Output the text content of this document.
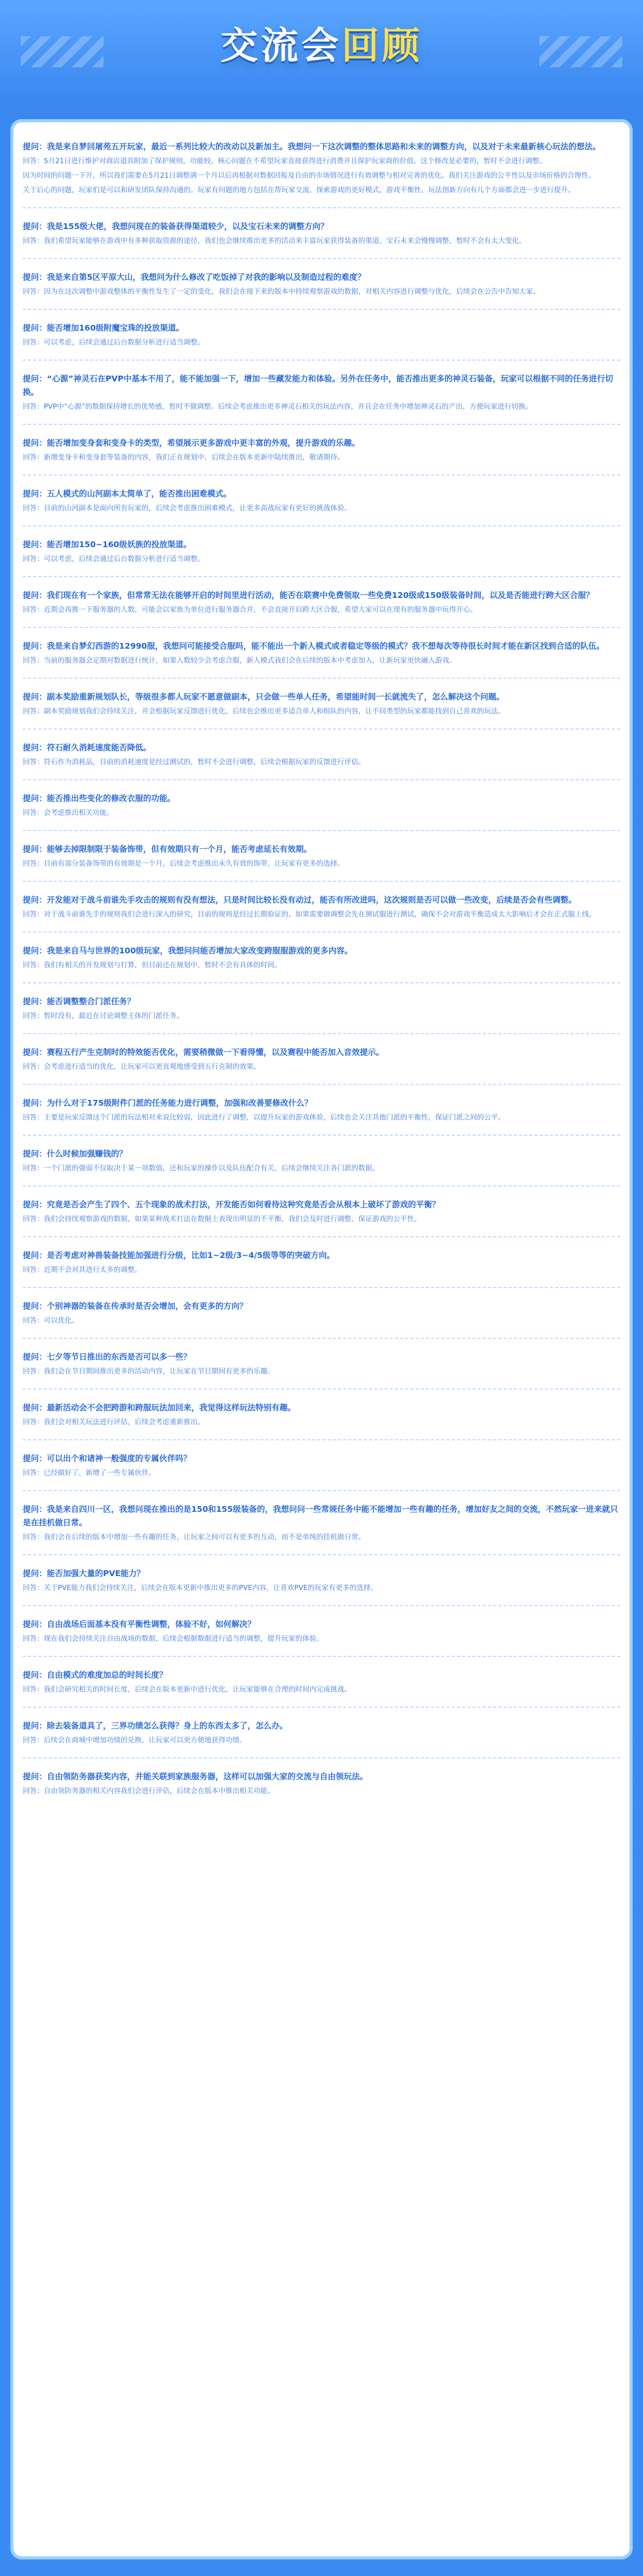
交流会回顾

提问：我是来自梦回屠苑五开玩家，最近一系列比较大的改动以及新加主。我想问一下这次调整的整体思路和未来的调整方向，以及对于未来最新核心玩法的想法。

回答：5月21日进行维护对商店道具附加了保护规则，功能较、核心问题在不希望玩家直接获得进行消费并且保护玩家商的价值。这个修改是必要的，暂时不会进行调整。

因为时间的问题一下开，所以我们需要在5月21日调整满一个月以后再根据对数据回报及自由的市场情况进行有效调整与相对完善的优化。我们关注游戏的公平性以及市场价格的合理性。

关于后心的问题，玩家们是可以和研发团队保持沟通的。玩家有问题的地方包括在帮玩家交流、探索游戏的更好模式，游戏平衡性、玩法创新方向有几个方面都会进一步进行提升。

提问：我是155级大佬，我想问现在的装备获得渠道较少，以及宝石未来的调整方向？

回答：我们希望玩家能够在游戏中有多种获取资源的途径，我们也会继续推出更多的活动来丰富玩家获得装备的渠道，宝石未来会慢慢调整，暂时不会有太大变化。

提问：我是来自第5区平原大山，我想问为什么修改了吃饭掉了对我的影响以及制造过程的难度？

回答：因为在这次调整中游戏整体的平衡性发生了一定的变化，我们会在接下来的版本中持续观察游戏的数据，对相关内容进行调整与优化，后续会在公告中告知大家。

提问：能否增加160级附魔宝珠的投放渠道。

回答：可以考虑，后续会通过后台数据分析进行适当调整。

提问：“心源”神灵石在PVP中基本不用了，能不能加强一下，增加一些藏发能力和体验。另外在任务中，能否推出更多的神灵石装备，玩家可以根据不同的任务进行切换。

回答：PVP中“心源”的数据保持增长的优势感，暂时不做调整。后续会考虑推出更多神灵石相关的玩法内容，并且会在任务中增加神灵石的产出，方便玩家进行切换。

提问：能否增加变身套和变身卡的类型，希望展示更多游戏中更丰富的外观，提升游戏的乐趣。

回答：新增变身卡和变身套等装备的内容，我们正在规划中，后续会在版本更新中陆续推出，敬请期待。

提问：五人模式的山河副本太简单了，能否推出困难模式。

回答：目前的山河副本是面向所有玩家的，后续会考虑推出困难模式，让更多高战玩家有更好的挑战体验。

提问：能否增加150~160级妖族的投放渠道。

回答：可以考虑，后续会通过后台数据分析进行适当调整。

提问：我们现在有一个家族，但常常无法在能够开启的时间里进行活动，能否在联赛中免费领取一些免费120级或150级装备时间，以及是否能进行跨大区合服？

回答：近期会再推一下服务器的人数，可能会以家族为单位进行服务器合并，不会直接开启跨大区合服，希望大家可以在现有的服务器中玩得开心。

提问：我是来自梦幻西游的12990服，我想问可能接受合服吗，能不能出一个新人模式或者稳定等级的模式？我不想每次等待很长时间才能在新区找到合适的队伍。

回答：当前的服务器会定期对数据进行统计，如果人数较少会考虑合服，新人模式我们会在后续的版本中考虑加入，让新玩家更快融入游戏。

提问：副本奖励重新规划队长，等级很多都人玩家不愿意做副本，只会做一些单人任务，希望能时间一长就流失了，怎么解决这个问题。

回答：副本奖励规划我们会持续关注，并会根据玩家反馈进行优化，后续也会推出更多适合单人和组队的内容，让不同类型的玩家都能找到自己喜欢的玩法。

提问：符石耐久消耗速度能否降低。

回答：符石作为消耗品，目前的消耗速度是经过测试的，暂时不会进行调整，后续会根据玩家的反馈进行评估。

提问：能否推出些变化的修改衣服的功能。

回答：会考虑推出相关功能。

提问：能够去掉限制限于装备饰带，但有效期只有一个月，能否考虑延长有效期。

回答：目前有部分装备饰带的有效期是一个月，后续会考虑推出永久有效的饰带，让玩家有更多的选择。

提问：开发能对于战斗前谁先手攻击的规则有没有想法，只是时间比较长没有动过，能否有所改进吗，这次规则是否可以做一些改变，后续是否会有些调整。

回答：对于战斗前谁先手的规则我们会进行深入的研究，目前的规则是经过长期验证的，如果需要做调整会先在测试服进行测试，确保不会对游戏平衡造成太大影响后才会在正式服上线。

提问：我是来自马与世界的100级玩家，我想问问能否增加大家改变跨服服游戏的更多内容。

回答：我们有相关的开发规划与打算，但目前还在规划中，暂时不会有具体的时间。

提问：能否调整整合门派任务？

回答：暂时没有，最近在讨论调整主体的门派任务。

提问：赛程五行产生克制时的特效能否优化，需要稍微做一下看得懂，以及赛程中能否加入音效提示。

回答：会考虑进行适当的优化，让玩家可以更直观地感受到五行克制的效果。

提问：为什么对于175级附件门派的任务能力进行调整，加强和改善要修改什么？

回答：主要是玩家反馈这个门派的玩法相对来说比较弱，因此进行了调整，以提升玩家的游戏体验，后续也会关注其他门派的平衡性，保证门派之间的公平。

提问：什么时候加强赚钱的？

回答：一个门派的强弱不仅取决于某一项数值，还和玩家的操作以及队伍配合有关，后续会继续关注各门派的数据。

提问：究竟是否会产生了四个、五个现象的战术打法，开发能否如何看待这种究竟是否会从根本上破坏了游戏的平衡？

回答：我们会持续观察游戏的数据，如果某种战术打法在数据上表现出明显的不平衡，我们会及时进行调整，保证游戏的公平性。

提问：是否考虑对神兽装备技能加强进行分级，比如1~2级/3~4/5级等等的突破方向。

回答：近期不会对其进行太多的调整。

提问：个别神器的装备在传承时是否会增加，会有更多的方向？

回答：可以优化。

提问：七夕等节日推出的东西是否可以多一些？

回答：我们会在节日期间推出更多的活动内容，让玩家在节日期间有更多的乐趣。

提问：最新活动会不会把跨游和跨服玩法加回来，我觉得这样玩法特别有趣。

回答：我们会对相关玩法进行评估，后续会考虑重新推出。

提问：可以出个和诸神一般强度的专属伙伴吗？

回答：已经做好了，新增了一些专属伙伴。

提问：我是来自四川一区，我想问现在推出的是150和155级装备的，我想问问一些常规任务中能不能增加一些有趣的任务，增加好友之间的交流，不然玩家一进来就只是在挂机做日常。

回答：我们会在后续的版本中增加一些有趣的任务，让玩家之间可以有更多的互动，而不是单纯的挂机做日常。

提问：能否加强大量的PVE能力？

回答：关于PVE能力我们会持续关注，后续会在版本更新中推出更多的PVE内容，让喜欢PVE的玩家有更多的选择。

提问：自由战场后面基本没有平衡性调整，体验不好，如何解决？

回答：现在我们会持续关注自由战场的数据，后续会根据数据进行适当的调整，提升玩家的体验。

提问：自由模式的难度加总的时间长度？

回答：我们会研究相关的时间长度，后续会在版本更新中进行优化，让玩家能够在合理的时间内完成挑战。

提问：除去装备道具了，三界功绩怎么获得？身上的东西太多了，怎么办。

回答：后续会在商城中增加功绩的兑换，让玩家可以更方便地获得功绩。

提问：自由领防务器获奖内容，并能关联到家族服务器，这样可以加强大家的交流与自由领玩法。

回答：自由领防务器的相关内容我们会进行评估，后续会在版本中推出相关功能。
